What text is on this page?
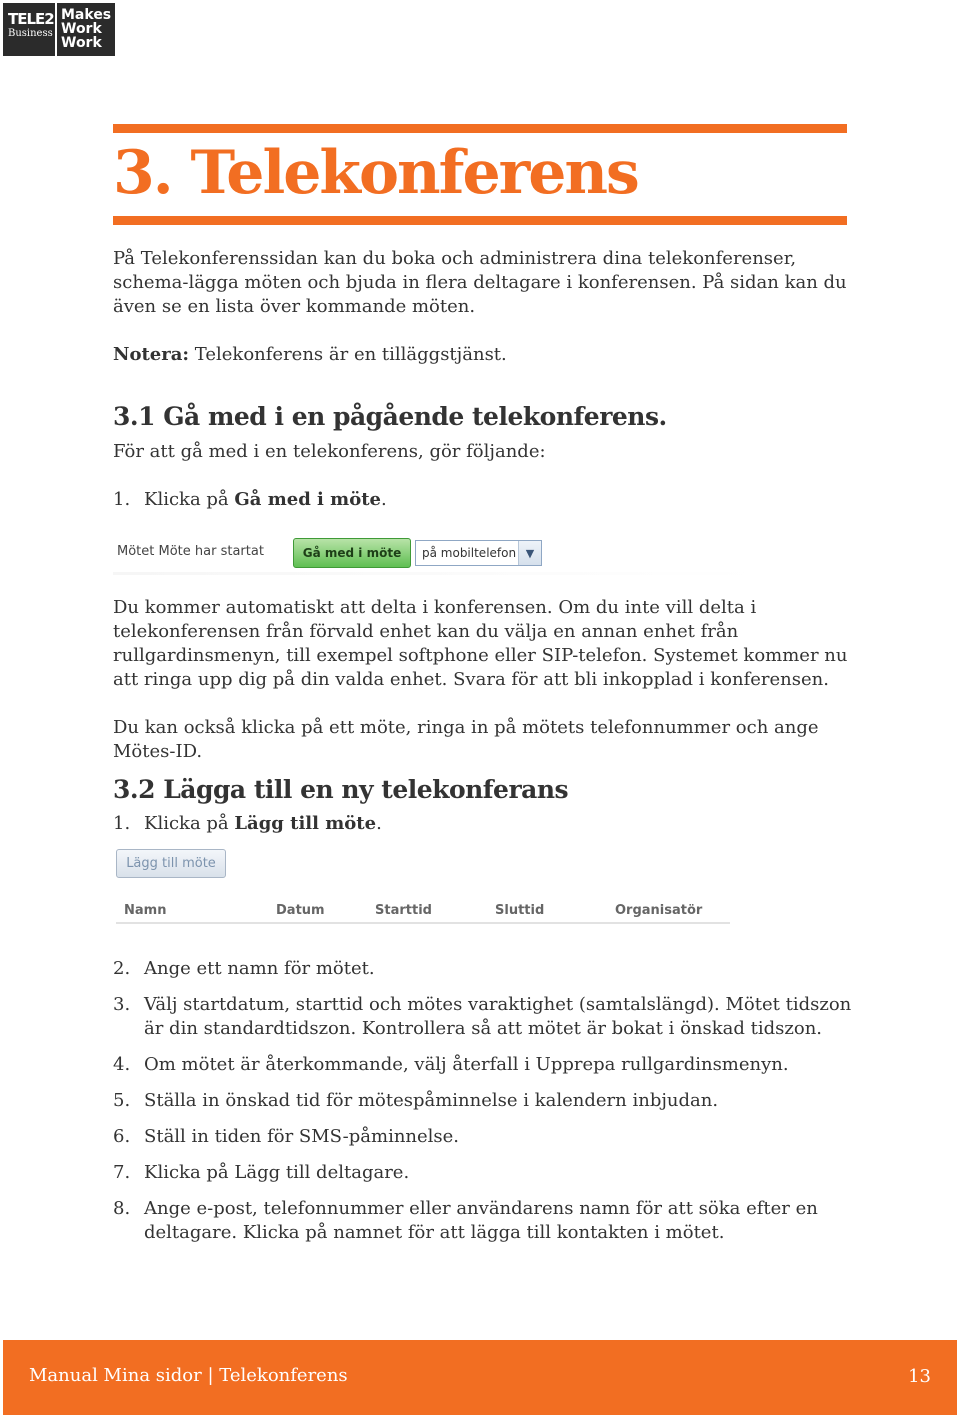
TELE2
Business
Makes
Work
Work
3. Telekonferens

På Telekonferenssidan kan du boka och administrera dina telekonferenser, schema-lägga möten och bjuda in flera deltagare i konferensen. På sidan kan du även se en lista över kommande möten.

Notera: Telekonferens är en tilläggstjänst.

3.1 Gå med i en pågående telekonferens.

För att gå med i en telekonferens, gör följande:

1. Klicka på Gå med i möte.
Mötet Möte har startat	Gå med i möte	på mobiltelefon ▼

Du kommer automatiskt att delta i konferensen. Om du inte vill delta i telekonferensen från förvald enhet kan du välja en annan enhet från rullgardinsmenyn, till exempel softphone eller SIP-telefon. Systemet kommer nu att ringa upp dig på din valda enhet. Svara för att bli inkopplad i konferensen.

Du kan också klicka på ett möte, ringa in på mötets telefonnummer och ange Mötes-ID.

3.2 Lägga till en ny telekonferans
1. Klicka på Lägg till möte.
Lägg till möte
Namn	Datum	Starttid	Sluttid	Organisatör
2. Ange ett namn för mötet.
3. Välj startdatum, starttid och mötes varaktighet (samtalslängd). Mötet tidszon är din standardtidszon. Kontrollera så att mötet är bokat i önskad tidszon.
4. Om mötet är återkommande, välj återfall i Upprepa rullgardinsmenyn.
5. Ställa in önskad tid för mötespåminnelse i kalendern inbjudan.
6. Ställ in tiden för SMS-påminnelse.
7. Klicka på Lägg till deltagare.
8. Ange e-post, telefonnummer eller användarens namn för att söka efter en deltagare. Klicka på namnet för att lägga till kontakten i mötet.
Manual Mina sidor | Telekonferens	13
